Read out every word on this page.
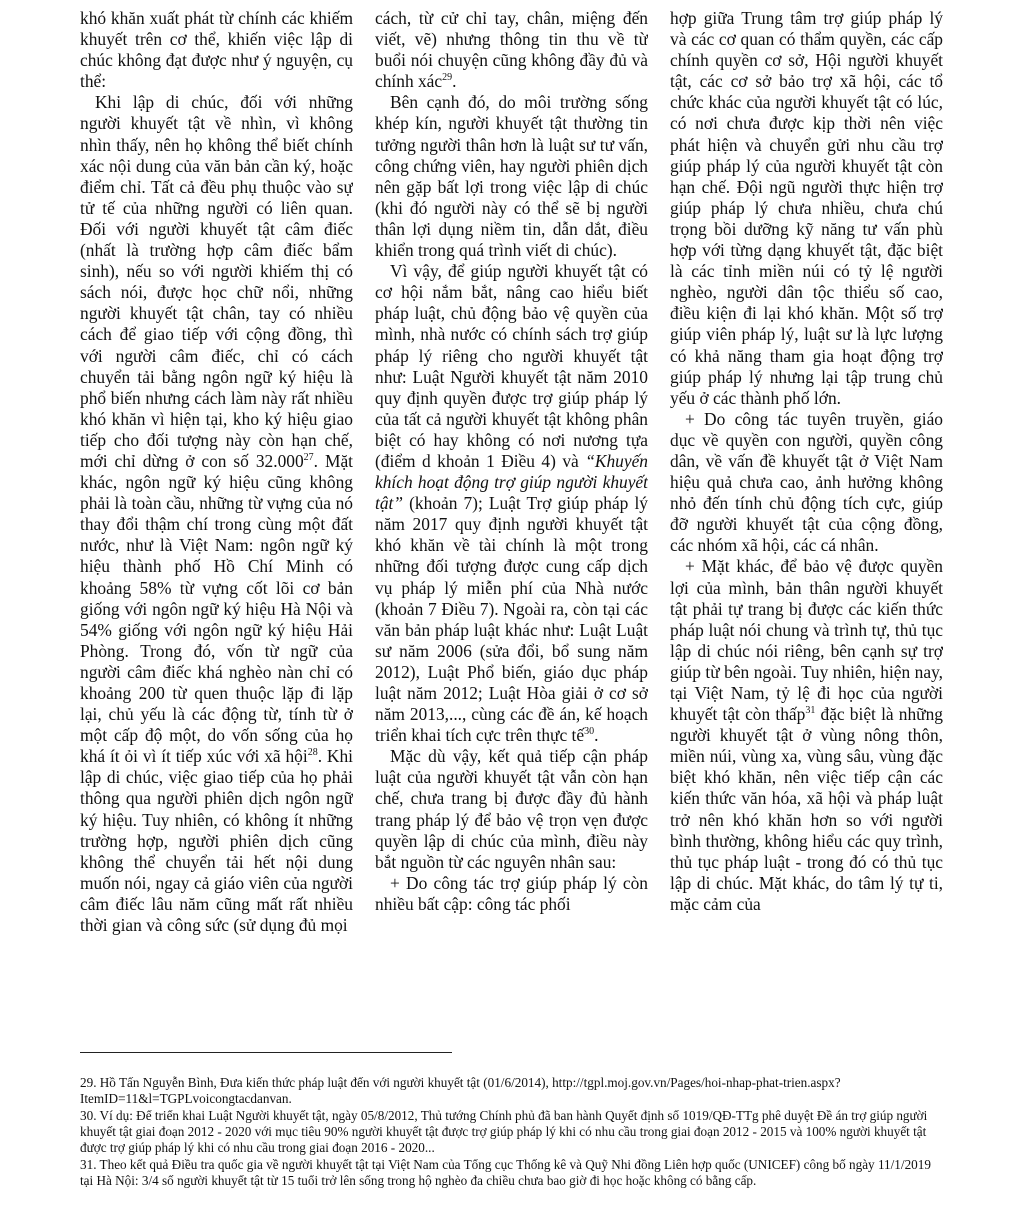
khó khăn xuất phát từ chính các khiếm khuyết trên cơ thể, khiến việc lập di chúc không đạt được như ý nguyện, cụ thể:

Khi lập di chúc, đối với những người khuyết tật về nhìn, vì không nhìn thấy, nên họ không thể biết chính xác nội dung của văn bản cần ký, hoặc điểm chỉ. Tất cả đều phụ thuộc vào sự tử tế của những người có liên quan. Đối với người khuyết tật câm điếc (nhất là trường hợp câm điếc bẩm sinh), nếu so với người khiếm thị có sách nói, được học chữ nổi, những người khuyết tật chân, tay có nhiều cách để giao tiếp với cộng đồng, thì với người câm điếc, chỉ có cách chuyển tải bằng ngôn ngữ ký hiệu là phổ biến nhưng cách làm này rất nhiều khó khăn vì hiện tại, kho ký hiệu giao tiếp cho đối tượng này còn hạn chế, mới chỉ dừng ở con số 32.000$^{27}$. Mặt khác, ngôn ngữ ký hiệu cũng không phải là toàn cầu, những từ vựng của nó thay đổi thậm chí trong cùng một đất nước, như là Việt Nam: ngôn ngữ ký hiệu thành phố Hồ Chí Minh có khoảng 58% từ vựng cốt lõi cơ bản giống với ngôn ngữ ký hiệu Hà Nội và 54% giống với ngôn ngữ ký hiệu Hải Phòng. Trong đó, vốn từ ngữ của người câm điếc khá nghèo nàn chỉ có khoảng 200 từ quen thuộc lặp đi lặp lại, chủ yếu là các động từ, tính từ ở một cấp độ một, do vốn sống của họ khá ít ỏi vì ít tiếp xúc với xã hội$^{28}$. Khi lập di chúc, việc giao tiếp của họ phải thông qua người phiên dịch ngôn ngữ ký hiệu. Tuy nhiên, có không ít những trường hợp, người phiên dịch cũng không thể chuyển tải hết nội dung muốn nói, ngay cả giáo viên của người câm điếc lâu năm cũng mất rất nhiều thời gian và công sức (sử dụng đủ mọi

cách, từ cử chỉ tay, chân, miệng đến viết, vẽ) nhưng thông tin thu về từ buổi nói chuyện cũng không đầy đủ và chính xác$^{29}$.

Bên cạnh đó, do môi trường sống khép kín, người khuyết tật thường tin tưởng người thân hơn là luật sư tư vấn, công chứng viên, hay người phiên dịch nên gặp bất lợi trong việc lập di chúc (khi đó người này có thể sẽ bị người thân lợi dụng niềm tin, dẫn dắt, điều khiển trong quá trình viết di chúc).

Vì vậy, để giúp người khuyết tật có cơ hội nắm bắt, nâng cao hiểu biết pháp luật, chủ động bảo vệ quyền của mình, nhà nước có chính sách trợ giúp pháp lý riêng cho người khuyết tật như: Luật Người khuyết tật năm 2010 quy định quyền được trợ giúp pháp lý của tất cả người khuyết tật không phân biệt có hay không có nơi nương tựa (điểm d khoản 1 Điều 4) và “Khuyến khích hoạt động trợ giúp người khuyết tật” (khoản 7); Luật Trợ giúp pháp lý năm 2017 quy định người khuyết tật khó khăn về tài chính là một trong những đối tượng được cung cấp dịch vụ pháp lý miễn phí của Nhà nước (khoản 7 Điều 7). Ngoài ra, còn tại các văn bản pháp luật khác như: Luật Luật sư năm 2006 (sửa đổi, bổ sung năm 2012), Luật Phổ biến, giáo dục pháp luật năm 2012; Luật Hòa giải ở cơ sở năm 2013,..., cùng các đề án, kế hoạch triển khai tích cực trên thực tế$^{30}$.

Mặc dù vậy, kết quả tiếp cận pháp luật của người khuyết tật vẫn còn hạn chế, chưa trang bị được đầy đủ hành trang pháp lý để bảo vệ trọn vẹn được quyền lập di chúc của mình, điều này bắt nguồn từ các nguyên nhân sau:

+ Do công tác trợ giúp pháp lý còn nhiều bất cập: công tác phối

hợp giữa Trung tâm trợ giúp pháp lý và các cơ quan có thẩm quyền, các cấp chính quyền cơ sở, Hội người khuyết tật, các cơ sở bảo trợ xã hội, các tổ chức khác của người khuyết tật có lúc, có nơi chưa được kịp thời nên việc phát hiện và chuyển gửi nhu cầu trợ giúp pháp lý của người khuyết tật còn hạn chế. Đội ngũ người thực hiện trợ giúp pháp lý chưa nhiều, chưa chú trọng bồi dưỡng kỹ năng tư vấn phù hợp với từng dạng khuyết tật, đặc biệt là các tỉnh miền núi có tỷ lệ người nghèo, người dân tộc thiểu số cao, điều kiện đi lại khó khăn. Một số trợ giúp viên pháp lý, luật sư là lực lượng có khả năng tham gia hoạt động trợ giúp pháp lý nhưng lại tập trung chủ yếu ở các thành phố lớn.

+ Do công tác tuyên truyền, giáo dục về quyền con người, quyền công dân, về vấn đề khuyết tật ở Việt Nam hiệu quả chưa cao, ảnh hưởng không nhỏ đến tính chủ động tích cực, giúp đỡ người khuyết tật của cộng đồng, các nhóm xã hội, các cá nhân.

+ Mặt khác, để bảo vệ được quyền lợi của mình, bản thân người khuyết tật phải tự trang bị được các kiến thức pháp luật nói chung và trình tự, thủ tục lập di chúc nói riêng, bên cạnh sự trợ giúp từ bên ngoài. Tuy nhiên, hiện nay, tại Việt Nam, tỷ lệ đi học của người khuyết tật còn thấp$^{31}$ đặc biệt là những người khuyết tật ở vùng nông thôn, miền núi, vùng xa, vùng sâu, vùng đặc biệt khó khăn, nên việc tiếp cận các kiến thức văn hóa, xã hội và pháp luật trở nên khó khăn hơn so với người bình thường, không hiểu các quy trình, thủ tục pháp luật - trong đó có thủ tục lập di chúc. Mặt khác, do tâm lý tự ti, mặc cảm của

29. Hồ Tấn Nguyễn Bình, Đưa kiến thức pháp luật đến với người khuyết tật (01/6/2014), http://tgpl.moj.gov.vn/Pages/hoi-nhap-phat-trien.aspx?ItemID=11&l=TGPLvoicongtacdanvan.

30. Ví dụ: Để triển khai Luật Người khuyết tật, ngày 05/8/2012, Thủ tướng Chính phủ đã ban hành Quyết định số 1019/QĐ-TTg phê duyệt Đề án trợ giúp người khuyết tật giai đoạn 2012 - 2020 với mục tiêu 90% người khuyết tật được trợ giúp pháp lý khi có nhu cầu trong giai đoạn 2012 - 2015 và 100% người khuyết tật được trợ giúp pháp lý khi có nhu cầu trong giai đoạn 2016 - 2020...

31. Theo kết quả Điều tra quốc gia về người khuyết tật tại Việt Nam của Tổng cục Thống kê và Quỹ Nhi đồng Liên hợp quốc (UNICEF) công bố ngày 11/1/2019 tại Hà Nội: 3/4 số người khuyết tật từ 15 tuổi trở lên sống trong hộ nghèo đa chiều chưa bao giờ đi học hoặc không có bằng cấp.
